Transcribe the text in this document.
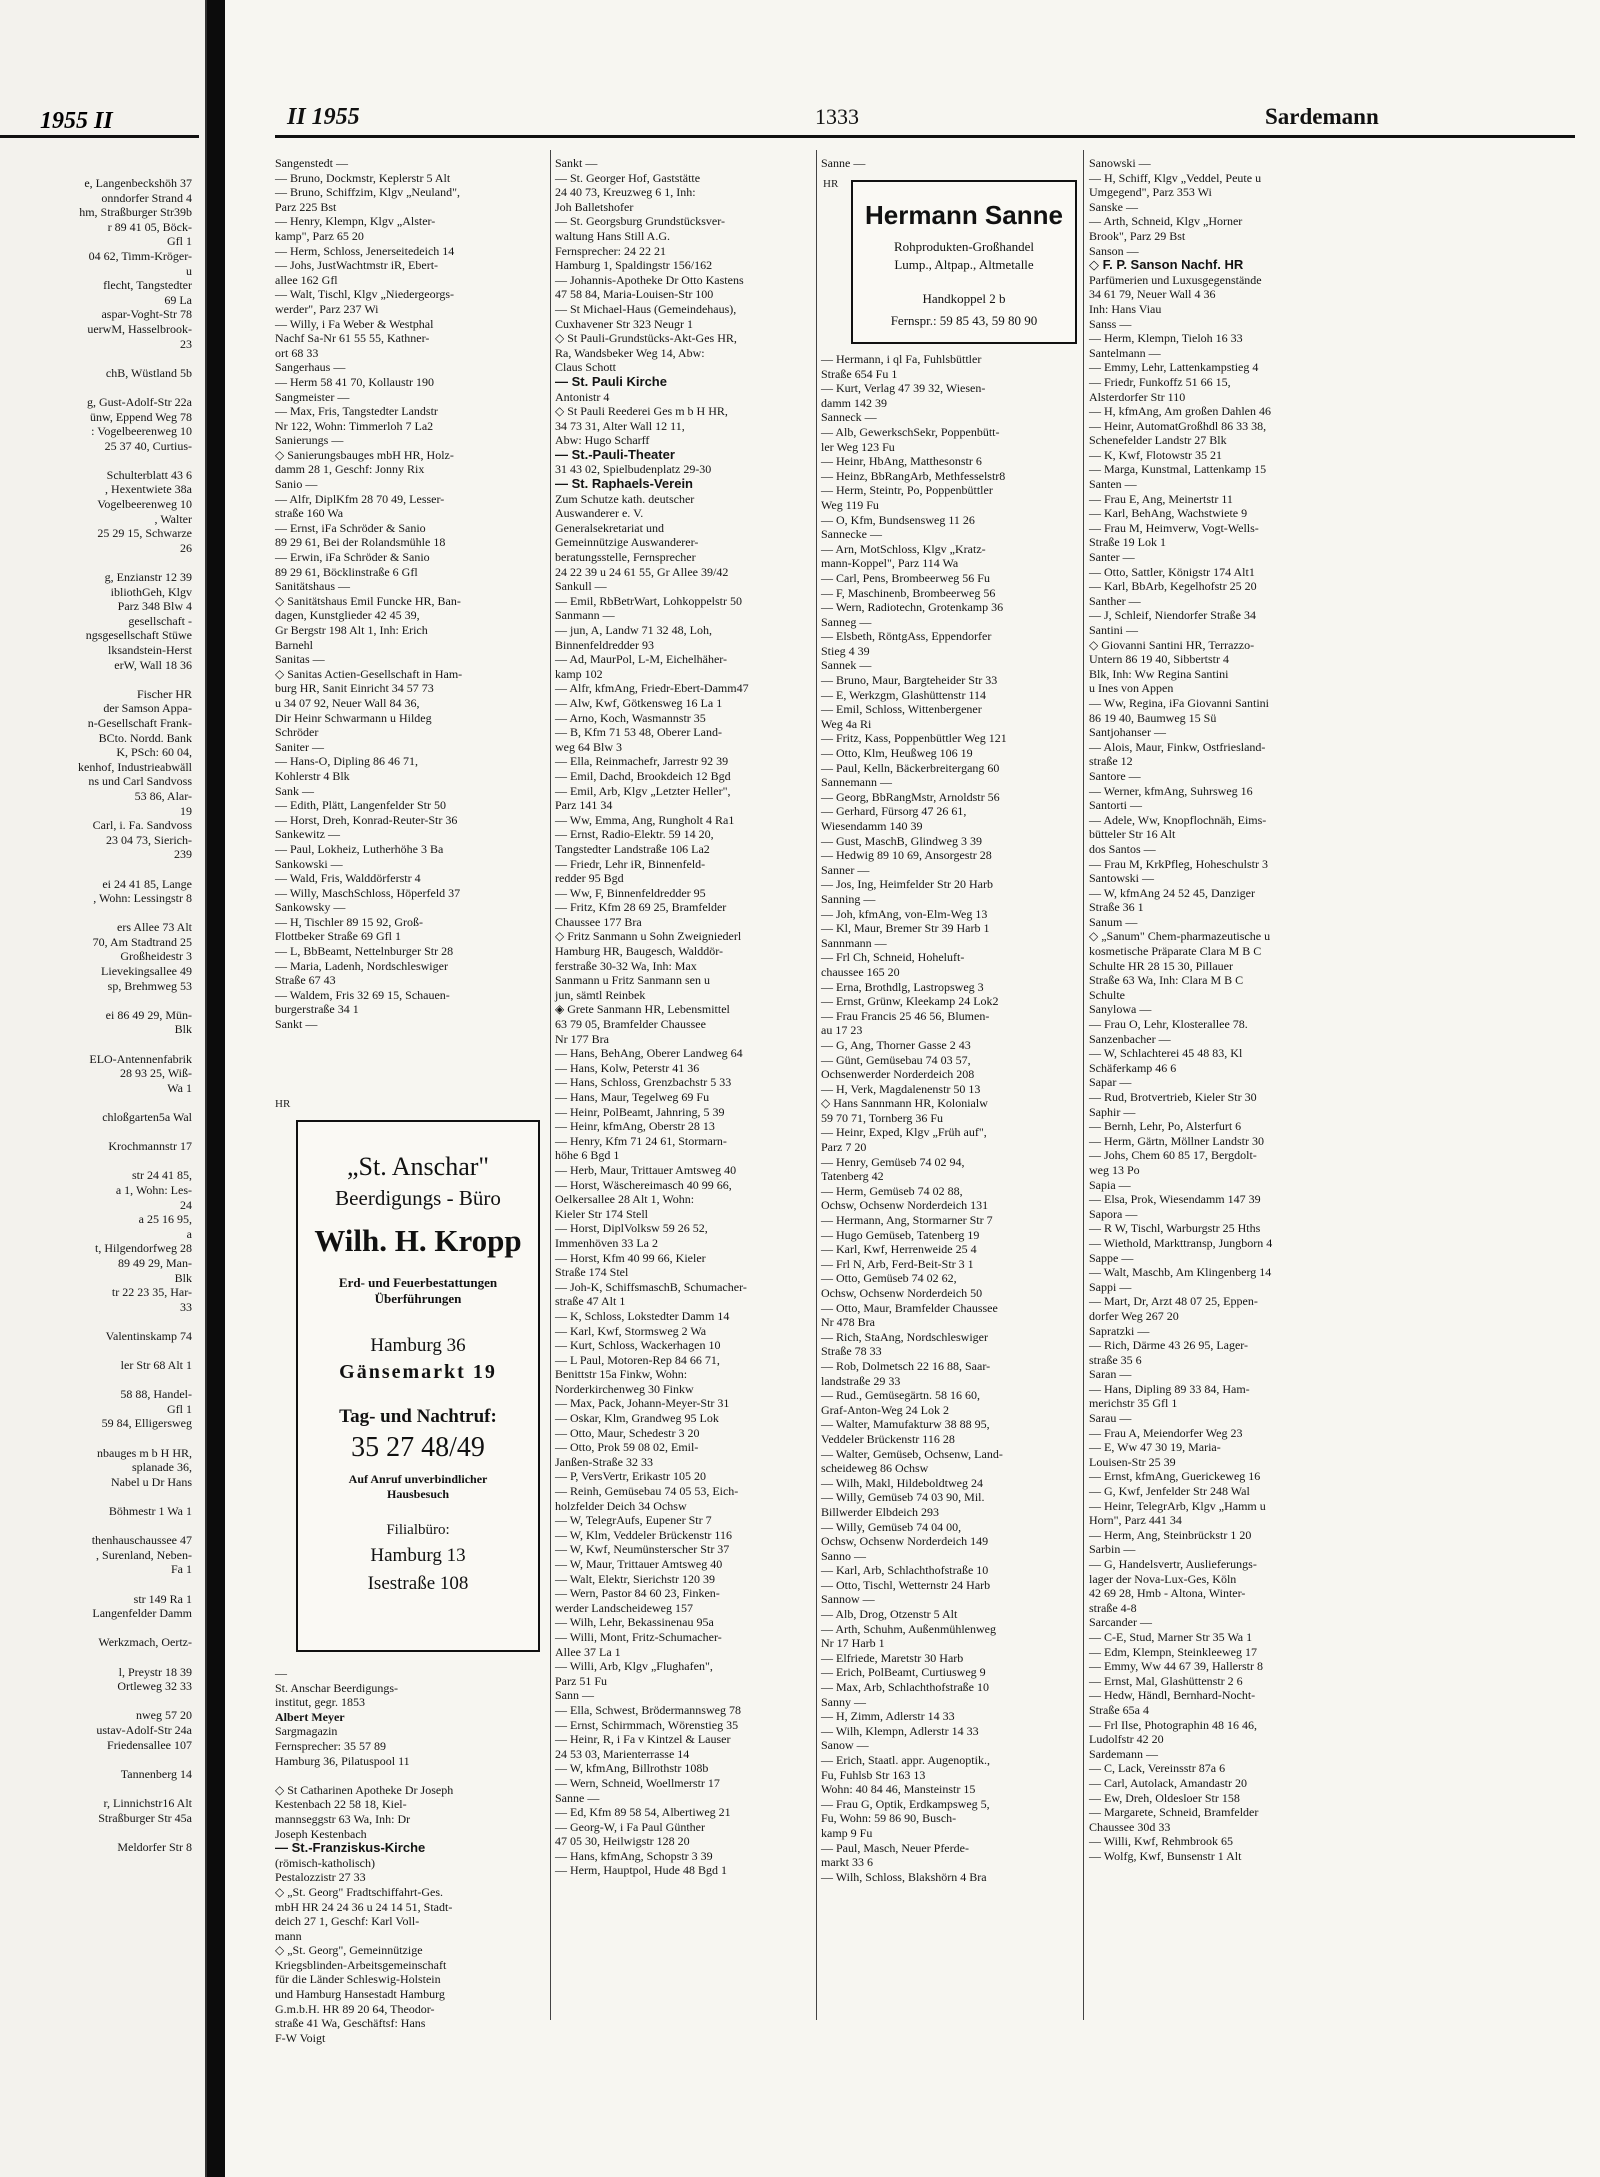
1955 II
e, Langenbeckshöh 37
onndorfer Strand 4
hm, Straßburger Str39b
r 89 41 05, Böck-
Gfl 1
04 62, Timm-Kröger-
u
flecht, Tangstedter
69 La
aspar-Voght-Str 78
uerwM, Hasselbrook-
23

chB, Wüstland 5b

g, Gust-Adolf-Str 22a
ünw, Eppend Weg 78
: Vogelbeerenweg 10
25 37 40, Curtius-

Schulterblatt 43 6
, Hexentwiete 38a
Vogelbeerenweg 10
, Walter
25 29 15, Schwarze
26

g, Enzianstr 12 39
ibliothGeh, Klgv
Parz 348 Blw 4
gesellschaft -
ngsgesellschaft Stüwe
lksandstein-Herst
erW, Wall 18 36

Fischer HR
der Samson Appa-
n-Gesellschaft Frank-
BCto. Nordd. Bank
K, PSch: 60 04,
kenhof, Industrieabwäll
ns und Carl Sandvoss
53 86, Alar-
19
Carl, i. Fa. Sandvoss
23 04 73, Sierich-
239

ei 24 41 85, Lange
, Wohn: Lessingstr 8

ers Allee 73 Alt
70, Am Stadtrand 25
Großheidestr 3
Lievekingsallee 49
sp, Brehmweg 53

ei 86 49 29, Mün-
Blk

ELO-Antennenfabrik
28 93 25, Wiß-
Wa 1

chloßgarten5a Wal

Krochmannstr 17

str 24 41 85,
a 1, Wohn: Les-
24
a 25 16 95,
a
t, Hilgendorfweg 28
89 49 29, Man-
Blk
tr 22 23 35, Har-
33

Valentinskamp 74

ler Str 68 Alt 1

58 88, Handel-
Gfl 1
59 84, Elligersweg

nbauges m b H HR,
splanade 36,
Nabel u Dr Hans

Böhmestr 1 Wa 1

thenhauschaussee 47
, Surenland, Neben-
Fa 1

str 149 Ra 1
Langenfelder Damm

Werkzmach, Oertz-

l, Preystr 18 39
Ortleweg 32 33

nweg 57 20
ustav-Adolf-Str 24a
Friedensallee 107

Tannenberg 14

r, Linnichstr16 Alt
Straßburger Str 45a

Meldorfer Str 8
II 1955	1333	Sardemann
Sangenstedt —
— Bruno, Dockmstr, Keplerstr 5 Alt
— Bruno, Schiffzim, Klgv „Neuland",
Parz 225 Bst
— Henry, Klempn, Klgv „Alster-
kamp", Parz 65 20
— Herm, Schloss, Jenerseitedeich 14
— Johs, JustWachtmstr iR, Ebert-
allee 162 Gfl
— Walt, Tischl, Klgv „Niedergeorgs-
werder", Parz 237 Wi
— Willy, i Fa Weber & Westphal
Nachf Sa-Nr 61 55 55, Kathner-
ort 68 33
Sangerhaus —
— Herm 58 41 70, Kollaustr 190
Sangmeister —
— Max, Fris, Tangstedter Landstr
Nr 122, Wohn: Timmerloh 7 La2
Sanierungs —
◇ Sanierungsbauges mbH HR, Holz-
damm 28 1, Geschf: Jonny Rix
Sanio —
— Alfr, DiplKfm 28 70 49, Lesser-
straße 160 Wa
— Ernst, iFa Schröder & Sanio
89 29 61, Bei der Rolandsmühle 18
— Erwin, iFa Schröder & Sanio
89 29 61, Böcklinstraße 6 Gfl
Sanitätshaus —
◇ Sanitätshaus Emil Funcke HR, Ban-
dagen, Kunstglieder 42 45 39,
Gr Bergstr 198 Alt 1, Inh: Erich
Barnehl
Sanitas —
◇ Sanitas Actien-Gesellschaft in Ham-
burg HR, Sanit Einricht 34 57 73
u 34 07 92, Neuer Wall 84 36,
Dir Heinr Schwarmann u Hildeg
Schröder
Saniter —
— Hans-O, Dipling 86 46 71,
Kohlerstr 4 Blk
Sank —
— Edith, Plätt, Langenfelder Str 50
— Horst, Dreh, Konrad-Reuter-Str 36
Sankewitz —
— Paul, Lokheiz, Lutherhöhe 3 Ba
Sankowski —
— Wald, Fris, Walddörferstr 4
— Willy, MaschSchloss, Höperfeld 37
Sankowsky —
— H, Tischler 89 15 92, Groß-
Flottbeker Straße 69 Gfl 1
— L, BbBeamt, Nettelnburger Str 28
— Maria, Ladenh, Nordschleswiger
Straße 67 43
— Waldem, Fris 32 69 15, Schauen-
burgerstraße 34 1
Sankt —
HR
„St. Anschar"
Beerdigungs - Büro
Wilh. H. Kropp
Erd- und Feuerbestattungen
Überführungen
Hamburg 36
Gänsemarkt 19
Tag- und Nachtruf:
35 27 48/49
Auf Anruf unverbindlicher
Hausbesuch
Filialbüro:
Hamburg 13
Isestraße 108
—
St. Anschar Beerdigungs-
institut, gegr. 1853
Albert Meyer
Sargmagazin
Fernsprecher: 35 57 89
Hamburg 36, Pilatuspool 11

◇ St Catharinen Apotheke Dr Joseph
Kestenbach 22 58 18, Kiel-
mannseggstr 63 Wa, Inh: Dr
Joseph Kestenbach
— St.-Franziskus-Kirche
(römisch-katholisch)
Pestalozzistr 27 33
◇ „St. Georg" Fradtschiffahrt-Ges.
mbH HR 24 24 36 u 24 14 51, Stadt-
deich 27 1, Geschf: Karl Voll-
mann
◇ „St. Georg", Gemeinnützige
Kriegsblinden-Arbeitsgemeinschaft
für die Länder Schleswig-Holstein
und Hamburg Hansestadt Hamburg
G.m.b.H. HR 89 20 64, Theodor-
straße 41 Wa, Geschäftsf: Hans
F-W Voigt
Sankt —
— St. Georger Hof, Gaststätte
24 40 73, Kreuzweg 6 1, Inh:
Joh Balletshofer
— St. Georgsburg Grundstücksver-
waltung Hans Still A.G.
Fernsprecher: 24 22 21
Hamburg 1, Spaldingstr 156/162
— Johannis-Apotheke Dr Otto Kastens
47 58 84, Maria-Louisen-Str 100
— St Michael-Haus (Gemeindehaus),
Cuxhavener Str 323 Neugr 1
◇ St Pauli-Grundstücks-Akt-Ges HR,
Ra, Wandsbeker Weg 14, Abw:
Claus Schott
— St. Pauli Kirche
Antonistr 4
◇ St Pauli Reederei Ges m b H HR,
34 73 31, Alter Wall 12 11,
Abw: Hugo Scharff
— St.-Pauli-Theater
31 43 02, Spielbudenplatz 29-30
— St. Raphaels-Verein
Zum Schutze kath. deutscher
Auswanderer e. V.
Generalsekretariat und
Gemeinnützige Auswanderer-
beratungsstelle, Fernsprecher
24 22 39 u 24 61 55, Gr Allee 39/42
Sankull —
— Emil, RbBetrWart, Lohkoppelstr 50
Sanmann —
— jun, A, Landw 71 32 48, Loh,
Binnenfeldredder 93
— Ad, MaurPol, L-M, Eichelhäher-
kamp 102
— Alfr, kfmAng, Friedr-Ebert-Damm47
— Alw, Kwf, Götkensweg 16 La 1
— Arno, Koch, Wasmannstr 35
— B, Kfm 71 53 48, Oberer Land-
weg 64 Blw 3
— Ella, Reinmachefr, Jarrestr 92 39
— Emil, Dachd, Brookdeich 12 Bgd
— Emil, Arb, Klgv „Letzter Heller",
Parz 141 34
— Ww, Emma, Ang, Rungholt 4 Ra1
— Ernst, Radio-Elektr. 59 14 20,
Tangstedter Landstraße 106 La2
— Friedr, Lehr iR, Binnenfeld-
redder 95 Bgd
— Ww, F, Binnenfeldredder 95
— Fritz, Kfm 28 69 25, Bramfelder
Chaussee 177 Bra
◇ Fritz Sanmann u Sohn Zweigniederl
Hamburg HR, Baugesch, Walddör-
ferstraße 30-32 Wa, Inh: Max
Sanmann u Fritz Sanmann sen u
jun, sämtl Reinbek
◈ Grete Sanmann HR, Lebensmittel
63 79 05, Bramfelder Chaussee
Nr 177 Bra
— Hans, BehAng, Oberer Landweg 64
— Hans, Kolw, Peterstr 41 36
— Hans, Schloss, Grenzbachstr 5 33
— Hans, Maur, Tegelweg 69 Fu
— Heinr, PolBeamt, Jahnring, 5 39
— Heinr, kfmAng, Oberstr 28 13
— Henry, Kfm 71 24 61, Stormarn-
höhe 6 Bgd 1
— Herb, Maur, Trittauer Amtsweg 40
— Horst, Wäschereimasch 40 99 66,
Oelkersallee 28 Alt 1, Wohn:
Kieler Str 174 Stell
— Horst, DiplVolksw 59 26 52,
Immenhöven 33 La 2
— Horst, Kfm 40 99 66, Kieler
Straße 174 Stel
— Joh-K, SchiffsmaschB, Schumacher-
straße 47 Alt 1
— K, Schloss, Lokstedter Damm 14
— Karl, Kwf, Stormsweg 2 Wa
— Kurt, Schloss, Wackerhagen 10
— L Paul, Motoren-Rep 84 66 71,
Benittstr 15a Finkw, Wohn:
Norderkirchenweg 30 Finkw
— Max, Pack, Johann-Meyer-Str 31
— Oskar, Klm, Grandweg 95 Lok
— Otto, Maur, Schedestr 3 20
— Otto, Prok 59 08 02, Emil-
Janßen-Straße 32 33
— P, VersVertr, Erikastr 105 20
— Reinh, Gemüsebau 74 05 53, Eich-
holzfelder Deich 34 Ochsw
— W, TelegrAufs, Eupener Str 7
— W, Klm, Veddeler Brückenstr 116
— W, Kwf, Neumünsterscher Str 37
— W, Maur, Trittauer Amtsweg 40
— Walt, Elektr, Sierichstr 120 39
— Wern, Pastor 84 60 23, Finken-
werder Landscheideweg 157
— Wilh, Lehr, Bekassinenau 95a
— Willi, Mont, Fritz-Schumacher-
Allee 37 La 1
— Willi, Arb, Klgv „Flughafen",
Parz 51 Fu
Sann —
— Ella, Schwest, Brödermannsweg 78
— Ernst, Schirmmach, Wörenstieg 35
— Heinr, R, i Fa v Kintzel & Lauser
24 53 03, Marienterrasse 14
— W, kfmAng, Billrothstr 108b
— Wern, Schneid, Woellmerstr 17
Sanne —
— Ed, Kfm 89 58 54, Albertiweg 21
— Georg-W, i Fa Paul Günther
47 05 30, Heilwigstr 128 20
— Hans, kfmAng, Schopstr 3 39
— Herm, Hauptpol, Hude 48 Bgd 1
Sanne —
HR
Hermann Sanne
Rohprodukten-Großhandel
Lump., Altpap., Altmetalle
Handkoppel 2 b
Fernspr.: 59 85 43, 59 80 90
— Hermann, i ql Fa, Fuhlsbüttler
Straße 654 Fu 1
— Kurt, Verlag 47 39 32, Wiesen-
damm 142 39
Sanneck —
— Alb, GewerkschSekr, Poppenbütt-
ler Weg 123 Fu
— Heinr, HbAng, Matthesonstr 6
— Heinz, BbRangArb, Methfesselstr8
— Herm, Steintr, Po, Poppenbüttler
Weg 119 Fu
— O, Kfm, Bundsensweg 11 26
Sannecke —
— Arn, MotSchloss, Klgv „Kratz-
mann-Koppel", Parz 114 Wa
— Carl, Pens, Brombeerweg 56 Fu
— F, Maschinenb, Brombeerweg 56
— Wern, Radiotechn, Grotenkamp 36
Sanneg —
— Elsbeth, RöntgAss, Eppendorfer
Stieg 4 39
Sannek —
— Bruno, Maur, Bargteheider Str 33
— E, Werkzgm, Glashüttenstr 114
— Emil, Schloss, Wittenbergener
Weg 4a Ri
— Fritz, Kass, Poppenbüttler Weg 121
— Otto, Klm, Heußweg 106 19
— Paul, Kelln, Bäckerbreitergang 60
Sannemann —
— Georg, BbRangMstr, Arnoldstr 56
— Gerhard, Fürsorg 47 26 61,
Wiesendamm 140 39
— Gust, MaschB, Glindweg 3 39
— Hedwig 89 10 69, Ansorgestr 28
Sanner —
— Jos, Ing, Heimfelder Str 20 Harb
Sanning —
— Joh, kfmAng, von-Elm-Weg 13
— Kl, Maur, Bremer Str 39 Harb 1
Sannmann —
— Frl Ch, Schneid, Hoheluft-
chaussee 165 20
— Erna, Brothdlg, Lastropsweg 3
— Ernst, Grünw, Kleekamp 24 Lok2
— Frau Francis 25 46 56, Blumen-
au 17 23
— G, Ang, Thorner Gasse 2 43
— Günt, Gemüsebau 74 03 57,
Ochsenwerder Norderdeich 208
— H, Verk, Magdalenenstr 50 13
◇ Hans Sannmann HR, Kolonialw
59 70 71, Tornberg 36 Fu
— Heinr, Exped, Klgv „Früh auf",
Parz 7 20
— Henry, Gemüseb 74 02 94,
Tatenberg 42
— Herm, Gemüseb 74 02 88,
Ochsw, Ochsenw Norderdeich 131
— Hermann, Ang, Stormarner Str 7
— Hugo Gemüseb, Tatenberg 19
— Karl, Kwf, Herrenweide 25 4
— Frl N, Arb, Ferd-Beit-Str 3 1
— Otto, Gemüseb 74 02 62,
Ochsw, Ochsenw Norderdeich 50
— Otto, Maur, Bramfelder Chaussee
Nr 478 Bra
— Rich, StaAng, Nordschleswiger
Straße 78 33
— Rob, Dolmetsch 22 16 88, Saar-
landstraße 29 33
— Rud., Gemüsegärtn. 58 16 60,
Graf-Anton-Weg 24 Lok 2
— Walter, Mamufakturw 38 88 95,
Veddeler Brückenstr 116 28
— Walter, Gemüseb, Ochsenw, Land-
scheideweg 86 Ochsw
— Wilh, Makl, Hildeboldtweg 24
— Willy, Gemüseb 74 03 90, Mil.
Billwerder Elbdeich 293
— Willy, Gemüseb 74 04 00,
Ochsw, Ochsenw Norderdeich 149
Sanno —
— Karl, Arb, Schlachthofstraße 10
— Otto, Tischl, Wetternstr 24 Harb
Sannow —
— Alb, Drog, Otzenstr 5 Alt
— Arth, Schuhm, Außenmühlenweg
Nr 17 Harb 1
— Elfriede, Maretstr 30 Harb
— Erich, PolBeamt, Curtiusweg 9
— Max, Arb, Schlachthofstraße 10
Sanny —
— H, Zimm, Adlerstr 14 33
— Wilh, Klempn, Adlerstr 14 33
Sanow —
— Erich, Staatl. appr. Augenoptik.,
Fu, Fuhlsb Str 163 13
Wohn: 40 84 46, Mansteinstr 15
— Frau G, Optik, Erdkampsweg 5,
Fu, Wohn: 59 86 90, Busch-
kamp 9 Fu
— Paul, Masch, Neuer Pferde-
markt 33 6
— Wilh, Schloss, Blakshörn 4 Bra
Sanowski —
— H, Schiff, Klgv „Veddel, Peute u
Umgegend", Parz 353 Wi
Sanske —
— Arth, Schneid, Klgv „Horner
Brook", Parz 29 Bst
Sanson —
◇ F. P. Sanson Nachf. HR
Parfümerien und Luxusgegenstände
34 61 79, Neuer Wall 4 36
Inh: Hans Viau
Sanss —
— Herm, Klempn, Tieloh 16 33
Santelmann —
— Emmy, Lehr, Lattenkampstieg 4
— Friedr, Funkoffz 51 66 15,
Alsterdorfer Str 110
— H, kfmAng, Am großen Dahlen 46
— Heinr, AutomatGroßhdl 86 33 38,
Schenefelder Landstr 27 Blk
— K, Kwf, Flotowstr 35 21
— Marga, Kunstmal, Lattenkamp 15
Santen —
— Frau E, Ang, Meinertstr 11
— Karl, BehAng, Wachstwiete 9
— Frau M, Heimverw, Vogt-Wells-
Straße 19 Lok 1
Santer —
— Otto, Sattler, Königstr 174 Alt1
— Karl, BbArb, Kegelhofstr 25 20
Santher —
— J, Schleif, Niendorfer Straße 34
Santini —
◇ Giovanni Santini HR, Terrazzo-
Untern 86 19 40, Sibbertstr 4
Blk, Inh: Ww Regina Santini
u Ines von Appen
— Ww, Regina, iFa Giovanni Santini
86 19 40, Baumweg 15 Sü
Santjohanser —
— Alois, Maur, Finkw, Ostfriesland-
straße 12
Santore —
— Werner, kfmAng, Suhrsweg 16
Santorti —
— Adele, Ww, Knopflochnäh, Eims-
bütteler Str 16 Alt
dos Santos —
— Frau M, KrkPfleg, Hoheschulstr 3
Santowski —
— W, kfmAng 24 52 45, Danziger
Straße 36 1
Sanum —
◇ „Sanum" Chem-pharmazeutische u
kosmetische Präparate Clara M B C
Schulte HR 28 15 30, Pillauer
Straße 63 Wa, Inh: Clara M B C
Schulte
Sanylowa —
— Frau O, Lehr, Klosterallee 78.
Sanzenbacher —
— W, Schlachterei 45 48 83, Kl
Schäferkamp 46 6
Sapar —
— Rud, Brotvertrieb, Kieler Str 30
Saphir —
— Bernh, Lehr, Po, Alsterfurt 6
— Herm, Gärtn, Möllner Landstr 30
— Johs, Chem 60 85 17, Bergdolt-
weg 13 Po
Sapia —
— Elsa, Prok, Wiesendamm 147 39
Sapora —
— R W, Tischl, Warburgstr 25 Hths
— Wiethold, Markttransp, Jungborn 4
Sappe —
— Walt, Maschb, Am Klingenberg 14
Sappi —
— Mart, Dr, Arzt 48 07 25, Eppen-
dorfer Weg 267 20
Sapratzki —
— Rich, Därme 43 26 95, Lager-
straße 35 6
Saran —
— Hans, Dipling 89 33 84, Ham-
merichstr 35 Gfl 1
Sarau —
— Frau A, Meiendorfer Weg 23
— E, Ww 47 30 19, Maria-
Louisen-Str 25 39
— Ernst, kfmAng, Guerickeweg 16
— G, Kwf, Jenfelder Str 248 Wal
— Heinr, TelegrArb, Klgv „Hamm u
Horn", Parz 441 34
— Herm, Ang, Steinbrückstr 1 20
Sarbin —
— G, Handelsvertr, Auslieferungs-
lager der Nova-Lux-Ges, Köln
42 69 28, Hmb - Altona, Winter-
straße 4-8
Sarcander —
— C-E, Stud, Marner Str 35 Wa 1
— Edm, Klempn, Steinkleeweg 17
— Emmy, Ww 44 67 39, Hallerstr 8
— Ernst, Mal, Glashüttenstr 2 6
— Hedw, Händl, Bernhard-Nocht-
Straße 65a 4
— Frl Ilse, Photographin 48 16 46,
Ludolfstr 42 20
Sardemann —
— C, Lack, Vereinsstr 87a 6
— Carl, Autolack, Amandastr 20
— Ew, Dreh, Oldesloer Str 158
— Margarete, Schneid, Bramfelder
Chaussee 30d 33
— Willi, Kwf, Rehmbrook 65
— Wolfg, Kwf, Bunsenstr 1 Alt
